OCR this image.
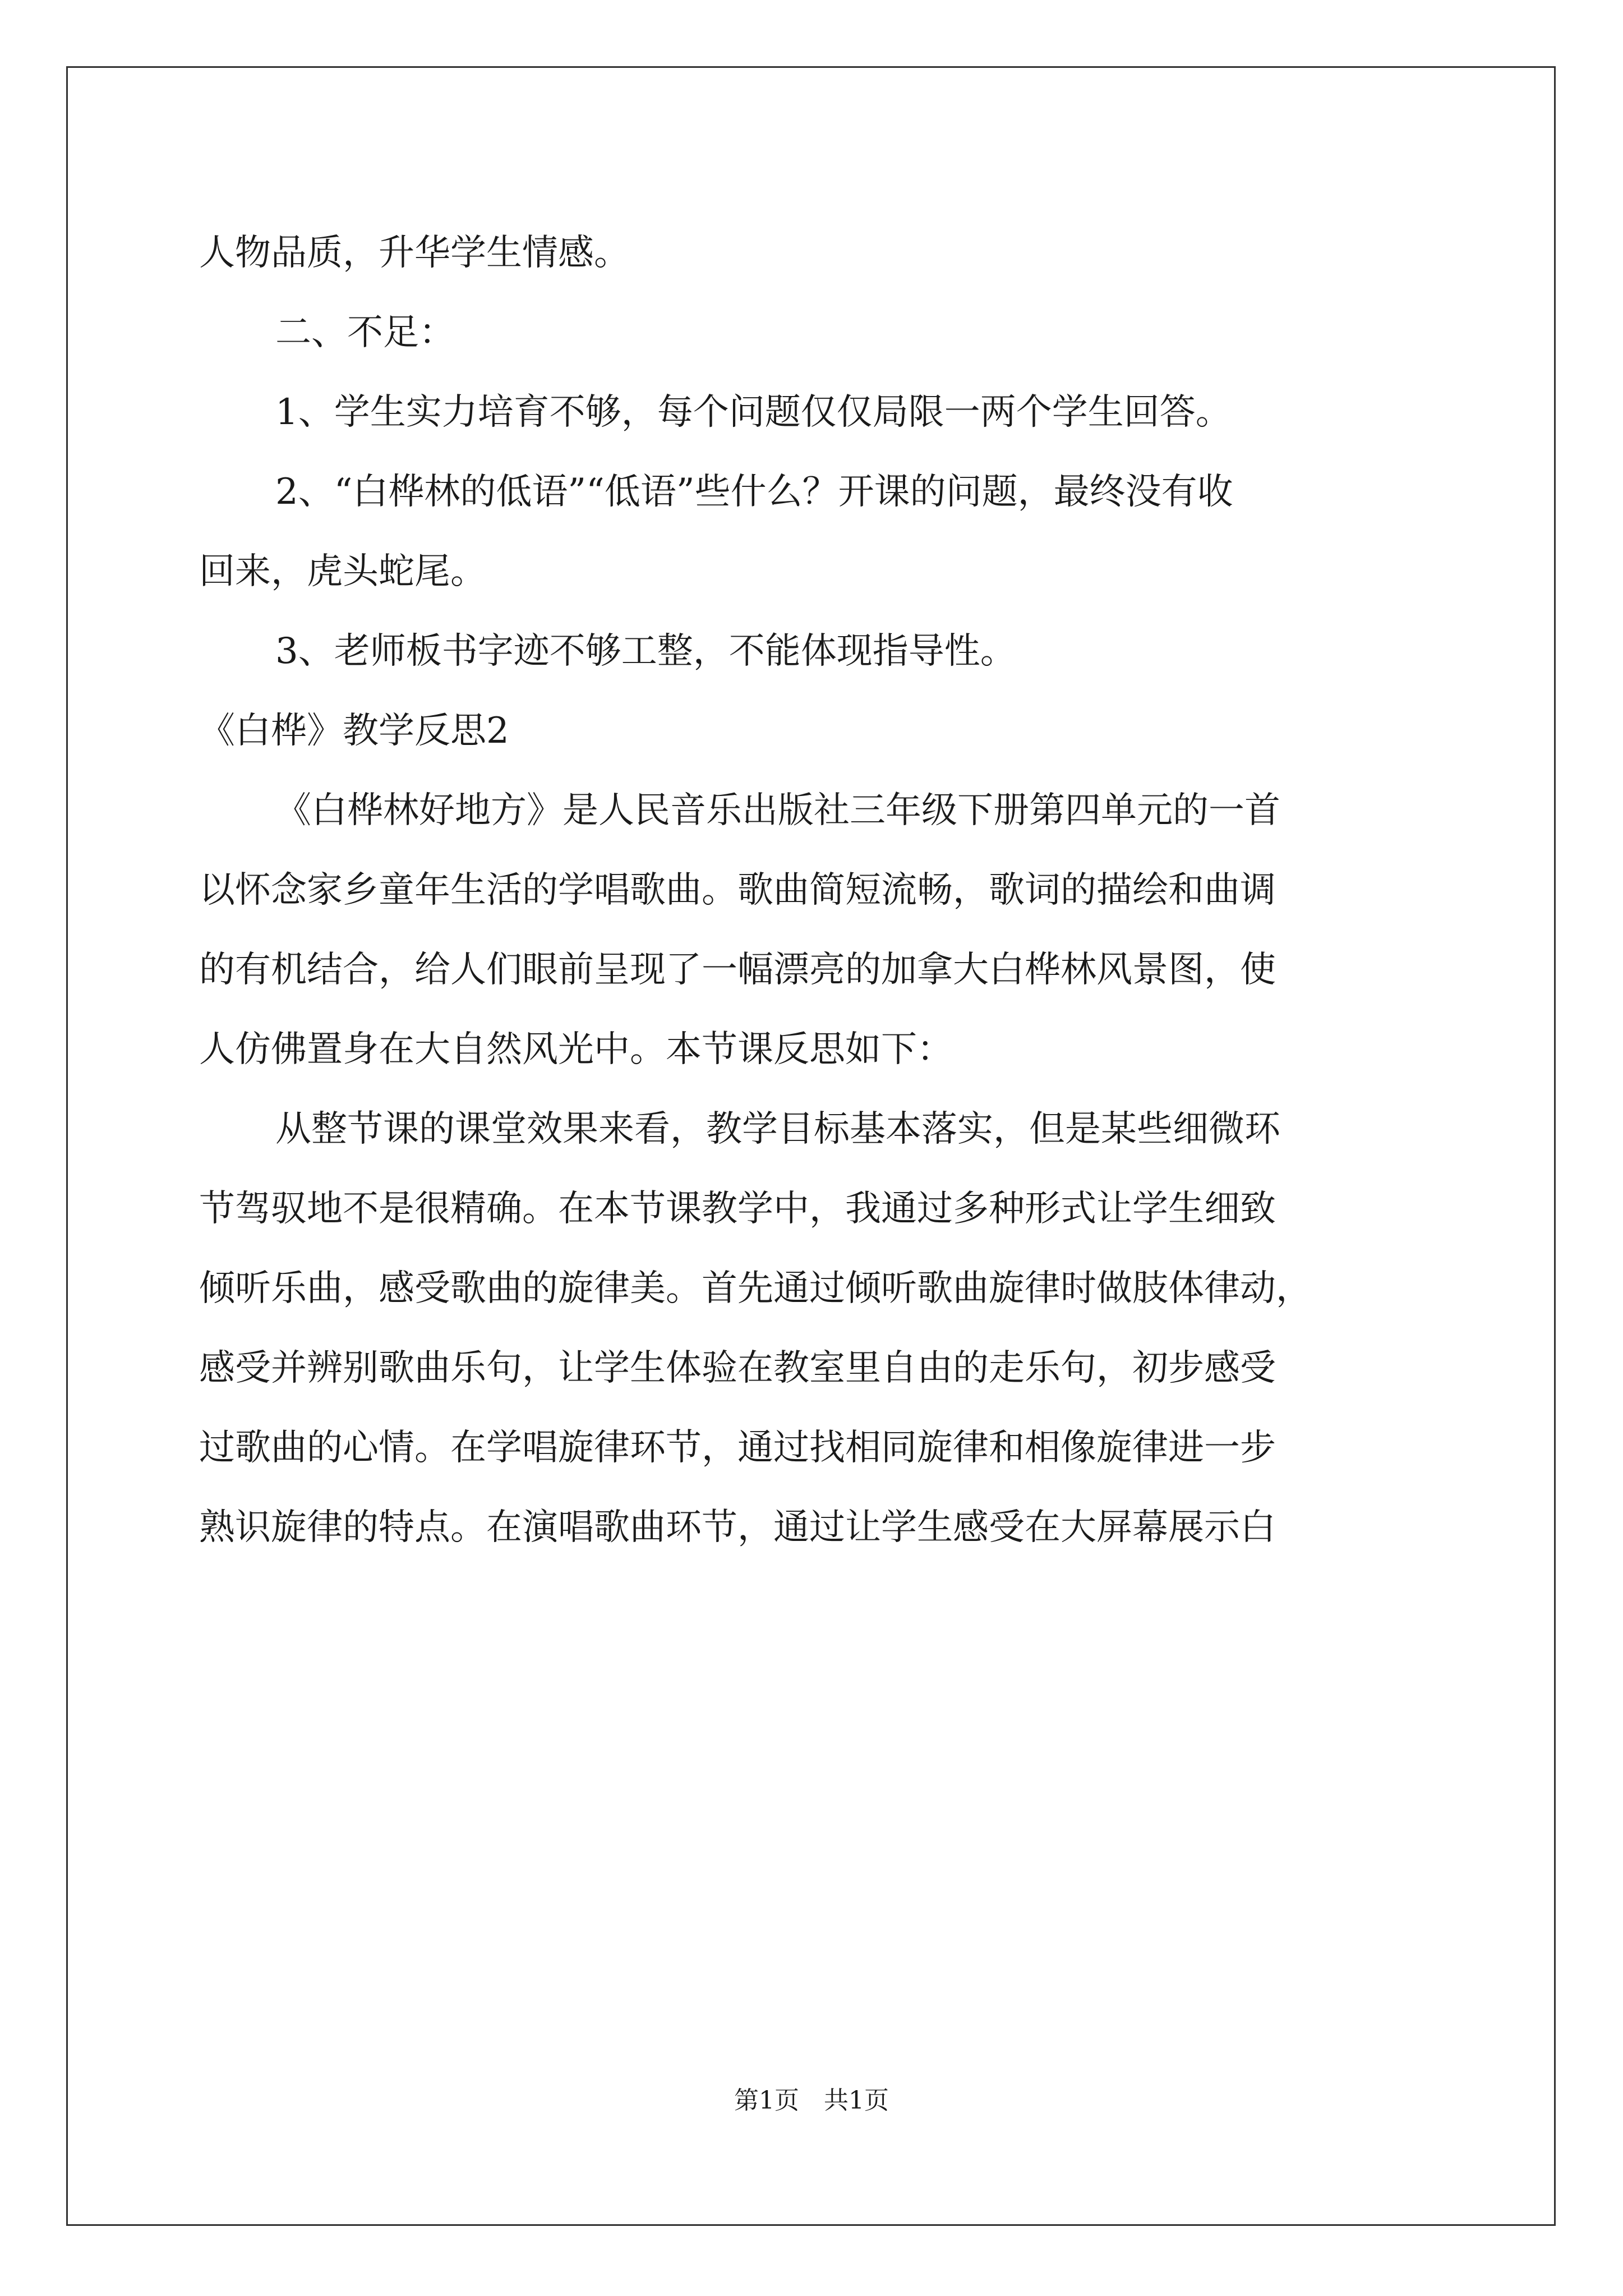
人物品质，升华学生情感。
二、不足：
1、学生实力培育不够，每个问题仅仅局限一两个学生回答。
2、“白桦林的低语”“低语”些什么？开课的问题，最终没有收
回来，虎头蛇尾。
3、老师板书字迹不够工整，不能体现指导性。
《白桦》教学反思2
《白桦林好地方》是人民音乐出版社三年级下册第四单元的一首
以怀念家乡童年生活的学唱歌曲。歌曲简短流畅，歌词的描绘和曲调
的有机结合，给人们眼前呈现了一幅漂亮的加拿大白桦林风景图，使
人仿佛置身在大自然风光中。本节课反思如下：
从整节课的课堂效果来看，教学目标基本落实，但是某些细微环
节驾驭地不是很精确。在本节课教学中，我通过多种形式让学生细致
倾听乐曲，感受歌曲的旋律美。首先通过倾听歌曲旋律时做肢体律动，
感受并辨别歌曲乐句，让学生体验在教室里自由的走乐句，初步感受
过歌曲的心情。在学唱旋律环节，通过找相同旋律和相像旋律进一步
熟识旋律的特点。在演唱歌曲环节，通过让学生感受在大屏幕展示白
第1页　共1页
